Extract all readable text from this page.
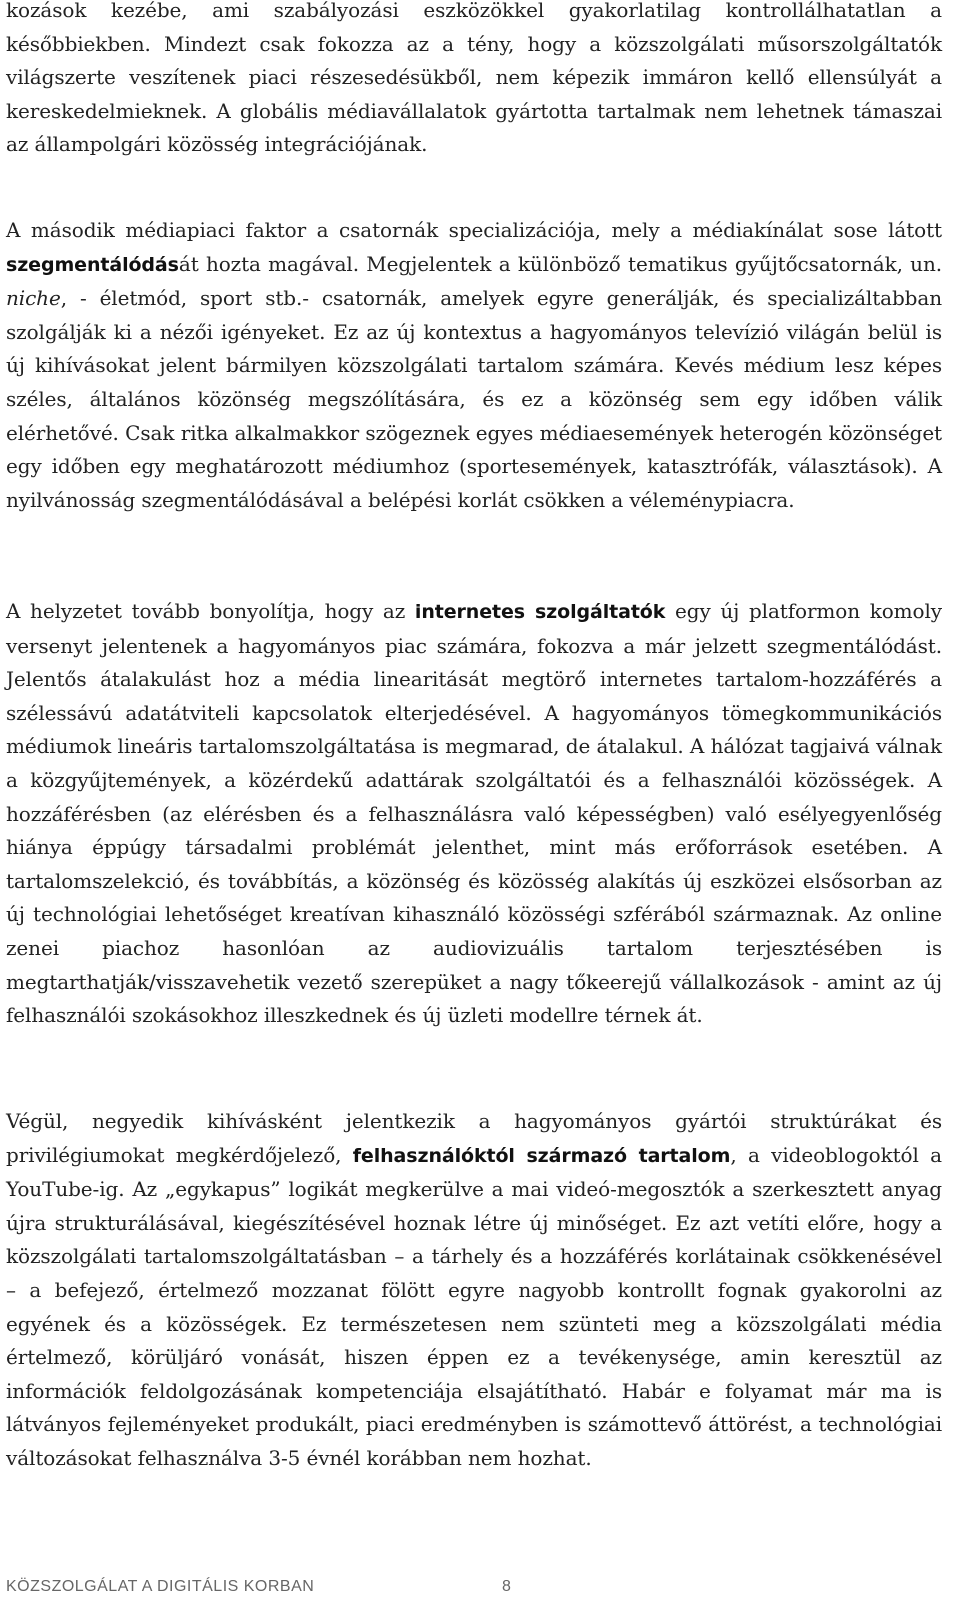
kozások kezébe, ami szabályozási eszközökkel gyakorlatilag kontrollálhatatlan a későbbiekben. Mindezt csak fokozza az a tény, hogy a közszolgálati műsorszolgáltatók világszerte veszítenek piaci részesedésükből, nem képezik immáron kellő ellensúlyát a kereskedelmieknek. A globális médiavállalatok gyártotta tartalmak nem lehetnek támaszai az állampolgári közösség integrációjának.

A második médiapiaci faktor a csatornák specializációja, mely a médiakínálat sose látott szegmentálódását hozta magával. Megjelentek a különböző tematikus gyűjtőcsatornák, un. niche, - életmód, sport stb.- csatornák, amelyek egyre generálják, és specializáltabban szolgálják ki a nézői igényeket. Ez az új kontextus a hagyományos televízió világán belül is új kihívásokat jelent bármilyen közszolgálati tartalom számára. Kevés médium lesz képes széles, általános közönség megszólítására, és ez a közönség sem egy időben válik elérhetővé. Csak ritka alkalmakkor szögeznek egyes médiaesemények heterogén közönséget egy időben egy meghatározott médiumhoz (sportesemények, katasztrófák, választások). A nyilvánosság szegmentálódásával a belépési korlát csökken a véleménypiacra.

A helyzetet tovább bonyolítja, hogy az internetes szolgáltatók egy új platformon komoly versenyt jelentenek a hagyományos piac számára, fokozva a már jelzett szegmentálódást. Jelentős átalakulást hoz a média linearitását megtörő internetes tartalom-hozzáférés a szélessávú adatátviteli kapcsolatok elterjedésével. A hagyományos tömegkommunikációs médiumok lineáris tartalomszolgáltatása is megmarad, de átalakul. A hálózat tagjaivá válnak a közgyűjtemények, a közérdekű adattárak szolgáltatói és a felhasználói közösségek. A hozzáférésben (az elérésben és a felhasználásra való képességben) való esélyegyenlőség hiánya éppúgy társadalmi problémát jelenthet, mint más erőforrások esetében. A tartalomszelekció, és továbbítás, a közönség és közösség alakítás új eszközei elsősorban az új technológiai lehetőséget kreatívan kihasználó közösségi szférából származnak. Az online zenei piachoz hasonlóan az audiovizuális tartalom terjesztésében is megtarthatják/visszavehetik vezető szerepüket a nagy tőkeerejű vállalkozások - amint az új felhasználói szokásokhoz illeszkednek és új üzleti modellre térnek át.

Végül, negyedik kihívásként jelentkezik a hagyományos gyártói struktúrákat és privilégiumokat megkérdőjelező, felhasználóktól származó tartalom, a videoblogoktól a YouTube-ig. Az „egykapus” logikát megkerülve a mai videó-megosztók a szerkesztett anyag újra strukturálásával, kiegészítésével hoznak létre új minőséget. Ez azt vetíti előre, hogy a közszolgálati tartalomszolgáltatásban – a tárhely és a hozzáférés korlátainak csökkenésével – a befejező, értelmező mozzanat fölött egyre nagyobb kontrollt fognak gyakorolni az egyének és a közösségek. Ez természetesen nem szünteti meg a közszolgálati média értelmező, körüljáró vonását, hiszen éppen ez a tevékenysége, amin keresztül az információk feldolgozásának kompetenciája elsajátítható. Habár e folyamat már ma is látványos fejleményeket produkált, piaci eredményben is számottevő áttörést, a technológiai változásokat felhasználva 3-5 évnél korábban nem hozhat.

KÖZSZOLGÁLAT A DIGITÁLIS KORBAN	8
